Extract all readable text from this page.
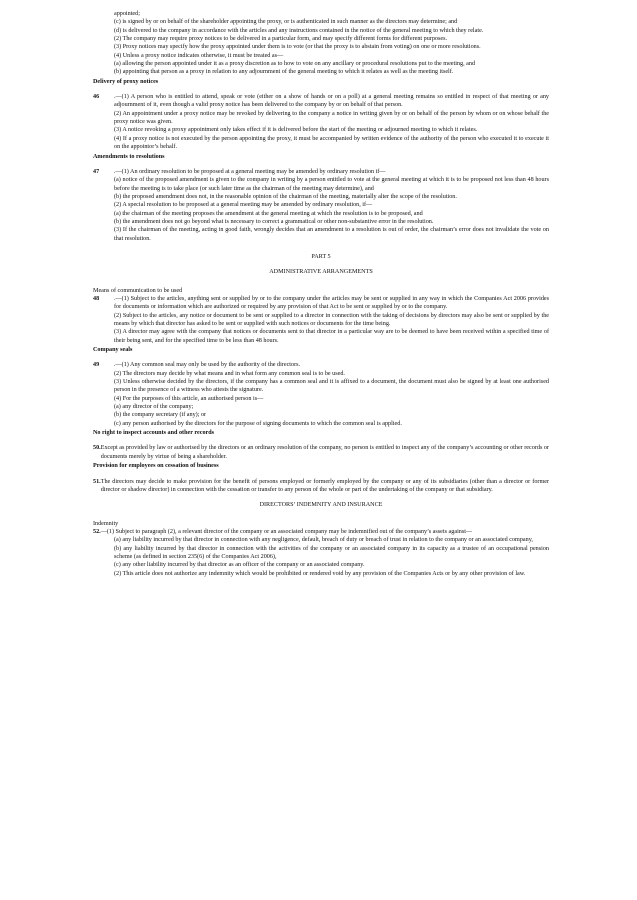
appointed;
(c) is signed by or on behalf of the shareholder appointing the proxy, or is authenticated in such manner as the directors may determine; and
(d) is delivered to the company in accordance with the articles and any instructions contained in the notice of the general meeting to which they relate.
(2) The company may require proxy notices to be delivered in a particular form, and may specify different forms for different purposes.
(3) Proxy notices may specify how the proxy appointed under them is to vote (or that the proxy is to abstain from voting) on one or more resolutions.
(4) Unless a proxy notice indicates otherwise, it must be treated as—
(a) allowing the person appointed under it as a proxy discretion as to how to vote on any ancillary or procedural resolutions put to the meeting, and
(b) appointing that person as a proxy in relation to any adjournment of the general meeting to which it relates as well as the meeting itself.
Delivery of proxy notices
46	.—(1) A person who is entitled to attend, speak or vote (either on a show of hands or on a poll) at a general meeting remains so entitled in respect of that meeting or any adjournment of it, even though a valid proxy notice has been delivered to the company by or on behalf of that person.
(2) An appointment under a proxy notice may be revoked by delivering to the company a notice in writing given by or on behalf of the person by whom or on whose behalf the proxy notice was given.
(3) A notice revoking a proxy appointment only takes effect if it is delivered before the start of the meeting or adjourned meeting to which it relates.
(4) If a proxy notice is not executed by the person appointing the proxy, it must be accompanied by written evidence of the authority of the person who executed it to execute it on the appointor’s behalf.
Amendments to resolutions
47	.—(1) An ordinary resolution to be proposed at a general meeting may be amended by ordinary resolution if—
(a) notice of the proposed amendment is given to the company in writing by a person entitled to vote at the general meeting at which it is to be proposed not less than 48 hours before the meeting is to take place (or such later time as the chairman of the meeting may determine), and
(b) the proposed amendment does not, in the reasonable opinion of the chairman of the meeting, materially alter the scope of the resolution.
(2) A special resolution to be proposed at a general meeting may be amended by ordinary resolution, if—
(a) the chairman of the meeting proposes the amendment at the general meeting at which the resolution is to be proposed, and
(b) the amendment does not go beyond what is necessary to correct a grammatical or other non-substantive error in the resolution.
(3) If the chairman of the meeting, acting in good faith, wrongly decides that an amendment to a resolution is out of order, the chairman’s error does not invalidate the vote on that resolution.
PART 5
ADMINISTRATIVE ARRANGEMENTS
Means of communication to be used
48	.—(1) Subject to the articles, anything sent or supplied by or to the company under the articles may be sent or supplied in any way in which the Companies Act 2006 provides for documents or information which are authorized or required by any provision of that Act to be sent or supplied by or to the company.
(2) Subject to the articles, any notice or document to be sent or supplied to a director in connection with the taking of decisions by directors may also be sent or supplied by the means by which that director has asked to be sent or supplied with such notices or documents for the time being.
(3) A director may agree with the company that notices or documents sent to that director in a particular way are to be deemed to have been received within a specified time of their being sent, and for the specified time to be less than 48 hours.
Company seals
49	.—(1) Any common seal may only be used by the authority of the directors.
(2) The directors may decide by what means and in what form any common seal is to be used.
(3) Unless otherwise decided by the directors, if the company has a common seal and it is affixed to a document, the document must also be signed by at least one authorised person in the presence of a witness who attests the signature.
(4) For the purposes of this article, an authorised person is—
(a) any director of the company;
(b) the company secretary (if any); or
(c) any person authorised by the directors for the purpose of signing documents to which the common seal is applied.
No right to inspect accounts and other records
50. Except as provided by law or authorised by the directors or an ordinary resolution of the company, no person is entitled to inspect any of the company’s accounting or other records or documents merely by virtue of being a shareholder.
Provision for employees on cessation of business
51. The directors may decide to make provision for the benefit of persons employed or formerly employed by the company or any of its subsidiaries (other than a director or former director or shadow director) in connection with the cessation or transfer to any person of the whole or part of the undertaking of the company or that subsidiary.
DIRECTORS’ INDEMNITY AND INSURANCE
Indemnity
52. —(1) Subject to paragraph (2), a relevant director of the company or an associated company may be indemnified out of the company’s assets against—
(a) any liability incurred by that director in connection with any negligence, default, breach of duty or breach of trust in relation to the company or an associated company,
(b) any liability incurred by that director in connection with the activities of the company or an associated company in its capacity as a trustee of an occupational pension scheme (as defined in section 235(6) of the Companies Act 2006),
(c) any other liability incurred by that director as an officer of the company or an associated company.
(2) This article does not authorize any indemnity which would be prohibited or rendered void by any provision of the Companies Acts or by any other provision of law.
